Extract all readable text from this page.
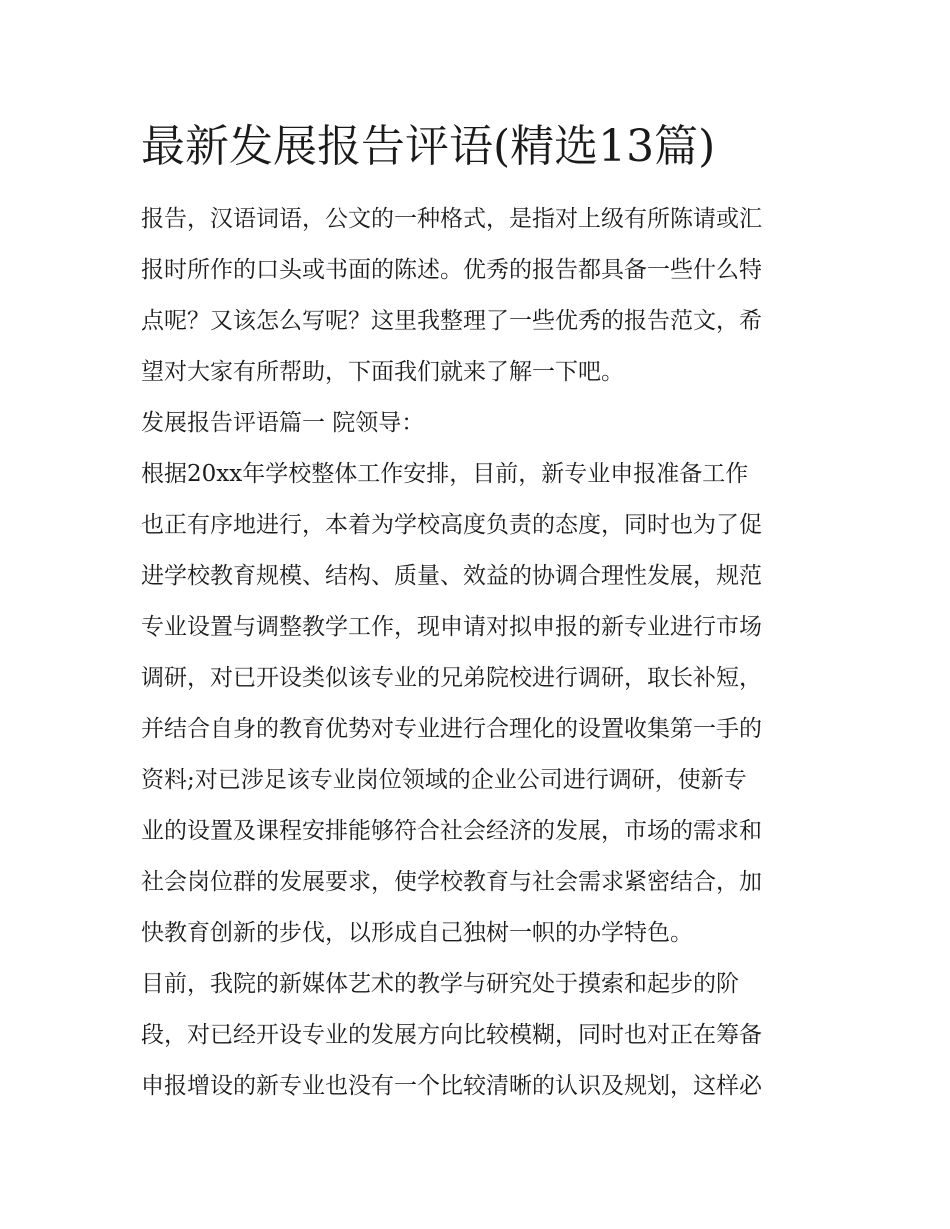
最新发展报告评语(精选13篇)
报告，汉语词语，公文的一种格式，是指对上级有所陈请或汇
报时所作的口头或书面的陈述。优秀的报告都具备一些什么特
点呢？又该怎么写呢？这里我整理了一些优秀的报告范文，希
望对大家有所帮助，下面我们就来了解一下吧。
发展报告评语篇一 院领导：
根据20xx年学校整体工作安排，目前，新专业申报准备工作
也正有序地进行，本着为学校高度负责的态度，同时也为了促
进学校教育规模、结构、质量、效益的协调合理性发展，规范
专业设置与调整教学工作，现申请对拟申报的新专业进行市场
调研，对已开设类似该专业的兄弟院校进行调研，取长补短，
并结合自身的教育优势对专业进行合理化的设置收集第一手的
资料;对已涉足该专业岗位领域的企业公司进行调研，使新专
业的设置及课程安排能够符合社会经济的发展，市场的需求和
社会岗位群的发展要求，使学校教育与社会需求紧密结合，加
快教育创新的步伐，以形成自己独树一帜的办学特色。
目前，我院的新媒体艺术的教学与研究处于摸索和起步的阶
段，对已经开设专业的发展方向比较模糊，同时也对正在筹备
申报增设的新专业也没有一个比较清晰的认识及规划，这样必
